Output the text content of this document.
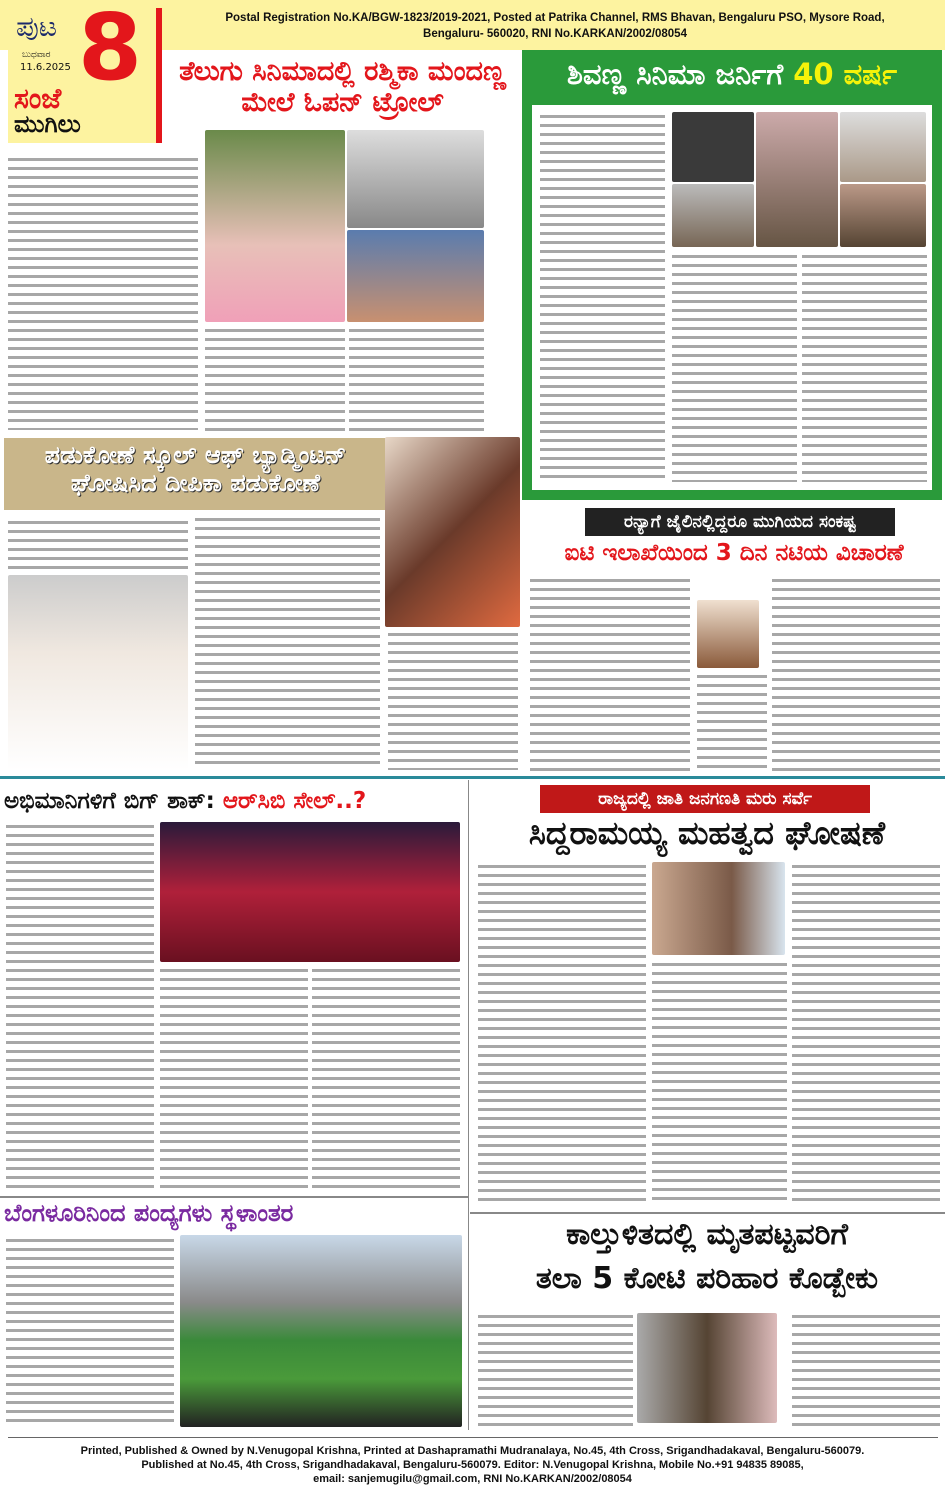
ಪುಟ 8
ಬುಧವಾರ
11.6.2025
ಸಂಜೆ
ಮುಗಿಲು
Postal Registration No.KA/BGW-1823/2019-2021, Posted at Patrika Channel, RMS Bhavan, Bengaluru PSO, Mysore Road,
Bengaluru- 560020, RNI No.KARKAN/2002/08054
ತೆಲುಗು ಸಿನಿಮಾದಲ್ಲಿ ರಶ್ಮಿಕಾ ಮಂದಣ್ಣ ಮೇಲೆ ಓಪನ್ ಟ್ರೋಲ್
ಶಿವಣ್ಣ ಸಿನಿಮಾ ಜರ್ನಿಗೆ 40 ವರ್ಷ
ಪಡುಕೋಣೆ ಸ್ಕೂಲ್ ಆಫ್ ಬ್ಯಾಡ್ಮಿಂಟನ್ ಘೋಷಿಸಿದ ದೀಪಿಕಾ ಪಡುಕೋಣೆ
ರನ್ಯಾಗೆ ಜೈಲಿನಲ್ಲಿದ್ದರೂ ಮುಗಿಯದ ಸಂಕಷ್ಟ
ಐಟಿ ಇಲಾಖೆಯಿಂದ 3 ದಿನ ನಟಿಯ ವಿಚಾರಣೆ
ಅಭಿಮಾನಿಗಳಿಗೆ ಬಿಗ್ ಶಾಕ್: ಆರ್‌ಸಿಬಿ ಸೇಲ್..?	ರಾಜ್ಯದಲ್ಲಿ ಜಾತಿ ಜನಗಣತಿ ಮರು ಸರ್ವೆ
ಸಿದ್ದರಾಮಯ್ಯ ಮಹತ್ವದ ಘೋಷಣೆ
ಬೆಂಗಳೂರಿನಿಂದ ಪಂದ್ಯಗಳು ಸ್ಥಳಾಂತರ
ಕಾಲ್ತುಳಿತದಲ್ಲಿ ಮೃತಪಟ್ಟವರಿಗೆ
ತಲಾ 5 ಕೋಟಿ ಪರಿಹಾರ ಕೊಡ್ಬೇಕು
Printed, Published & Owned by N.Venugopal Krishna, Printed at Dashapramathi Mudranalaya, No.45, 4th Cross, Srigandhadakaval, Bengaluru-560079.
Published at No.45, 4th Cross, Srigandhadakaval, Bengaluru-560079. Editor: N.Venugopal Krishna, Mobile No.+91 94835 89085,
email: sanjemugilu@gmail.com, RNI No.KARKAN/2002/08054
